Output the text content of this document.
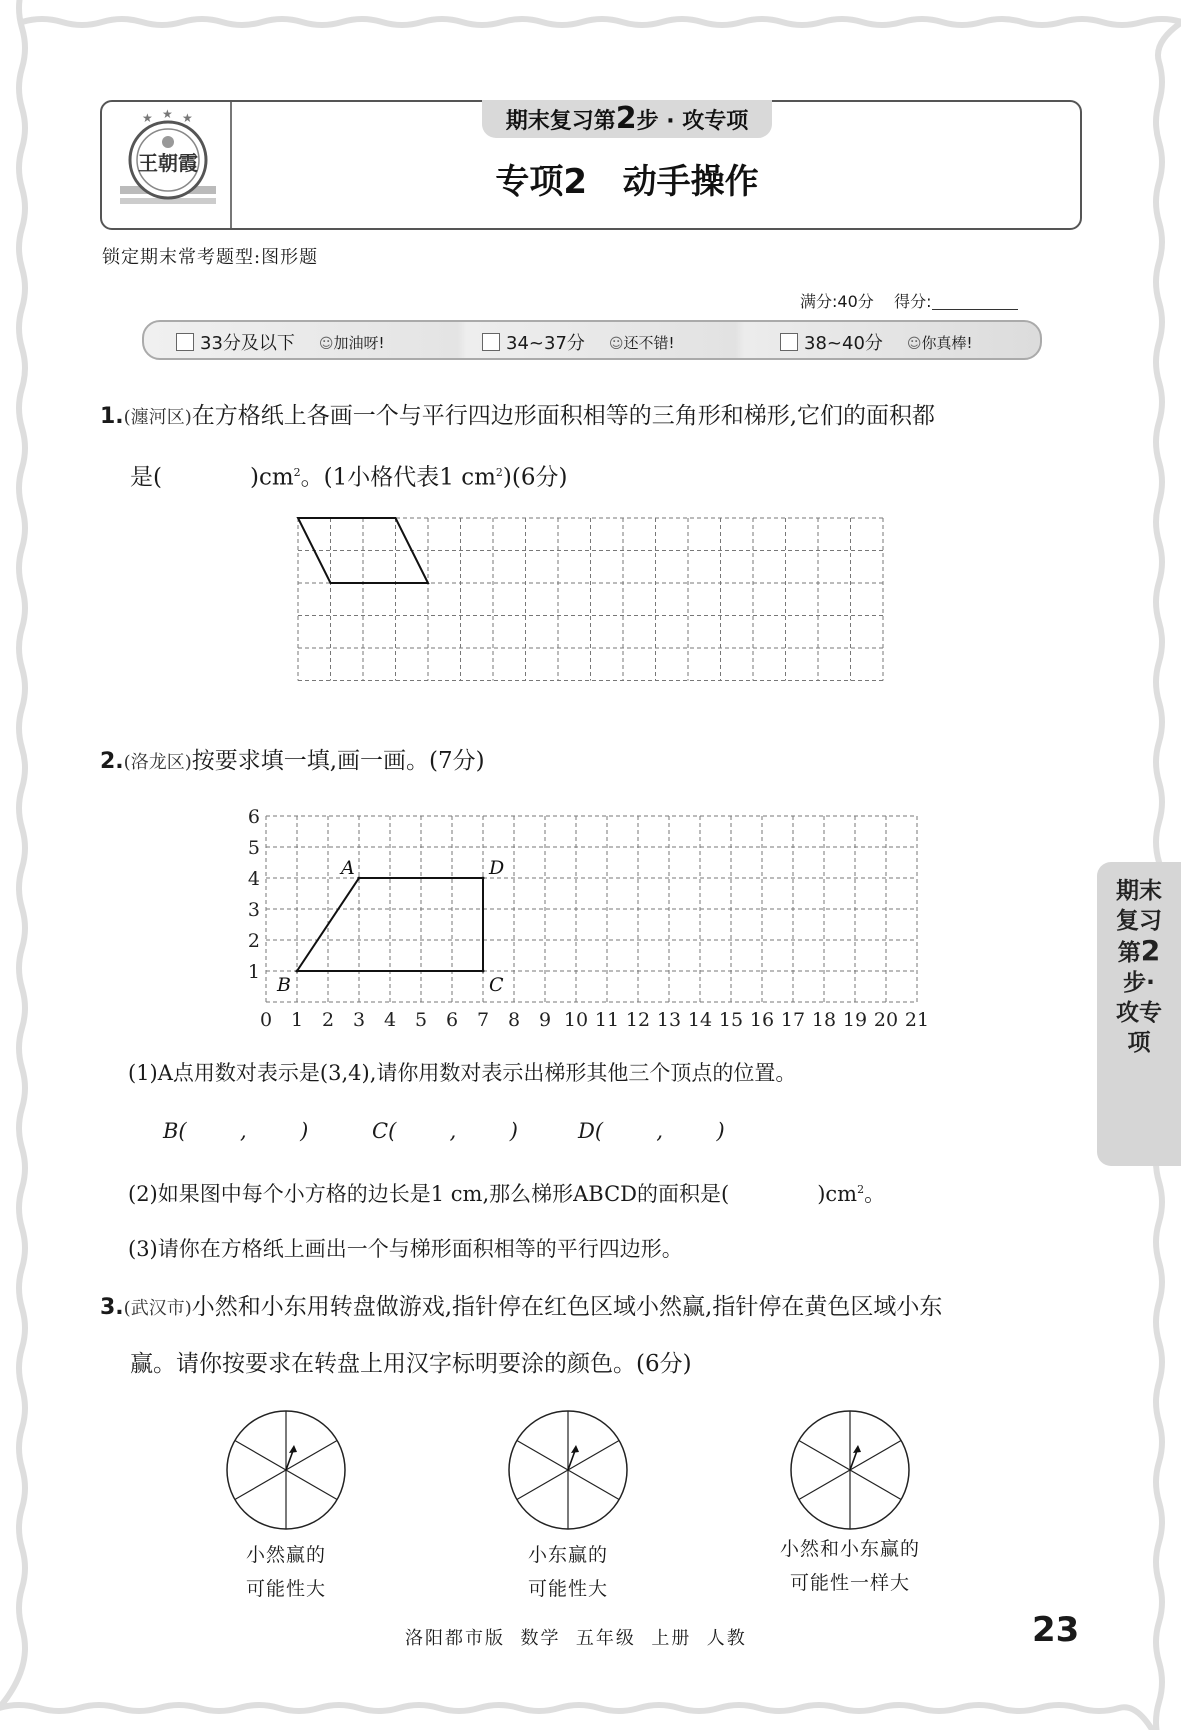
★ ★ ★
王朝霞
期末复习第2步 · 攻专项
专项2   动手操作
锁定期末常考题型:图形题
满分:40分 得分:
33分及以下 ☺加油呀!	34~37分 ☺还不错!	38~40分 ☺你真棒!
1.(瀍河区)在方格纸上各画一个与平行四边形面积相等的三角形和梯形,它们的面积都
是(	)$cm^2$。(1小格代表1 $cm^2)(6$分)
2.(洛龙区)按要求填一填,画一画。(7分)
0 1 2 3 4 5 6 7 8 9 10 11 12 13 14 15 16 17 18 19 20 21
1
2
3
4
5
6
A	D
C
B
(1)A点用数对表示是(3,4),请你用数对表示出梯形其他三个顶点的位置。
B(        ,        )	C(        ,        )	D(        ,        )
(2)如果图中每个小方格的边长是1 cm,那么梯形ABCD的面积是(	)$cm^2$。
(3)请你在方格纸上画出一个与梯形面积相等的平行四边形。
3.(武汉市)小然和小东用转盘做游戏,指针停在红色区域小然赢,指针停在黄色区域小东
赢。请你按要求在转盘上用汉字标明要涂的颜色。(6分)
小然赢的
可能性大
小东赢的
可能性大
小然和小东赢的
可能性一样大
期末复习第2步·攻专项
洛阳都市版  数学  五年级  上册  人教	23
